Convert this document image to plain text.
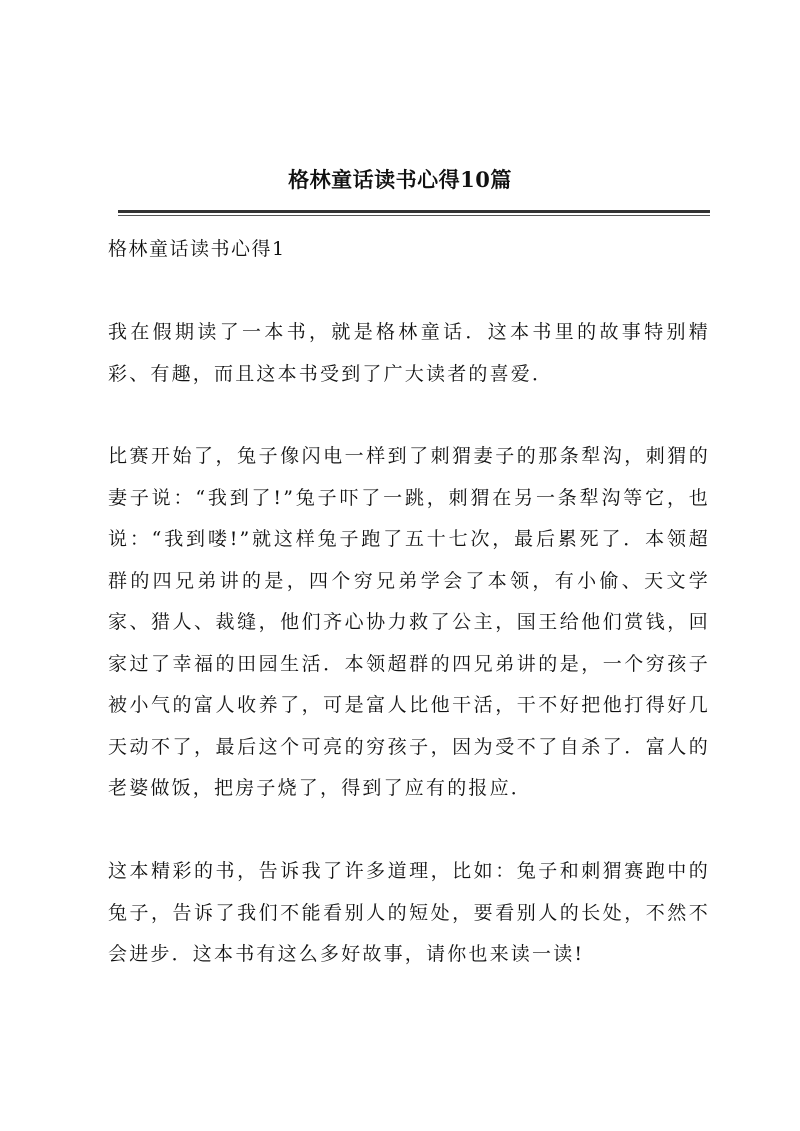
格林童话读书心得10篇
格林童话读书心得1

我在假期读了一本书，就是格林童话．这本书里的故事特别精彩、有趣，而且这本书受到了广大读者的喜爱．

比赛开始了，兔子像闪电一样到了刺猬妻子的那条犁沟，刺猬的妻子说：“我到了!”兔子吓了一跳，刺猬在另一条犁沟等它，也说：“我到喽!”就这样兔子跑了五十七次，最后累死了．本领超群的四兄弟讲的是，四个穷兄弟学会了本领，有小偷、天文学家、猎人、裁缝，他们齐心协力救了公主，国王给他们赏钱，回家过了幸福的田园生活．本领超群的四兄弟讲的是，一个穷孩子被小气的富人收养了，可是富人比他干活，干不好把他打得好几天动不了，最后这个可亮的穷孩子，因为受不了自杀了．富人的老婆做饭，把房子烧了，得到了应有的报应．

这本精彩的书，告诉我了许多道理，比如：兔子和刺猬赛跑中的兔子，告诉了我们不能看别人的短处，要看别人的长处，不然不会进步．这本书有这么多好故事，请你也来读一读!
